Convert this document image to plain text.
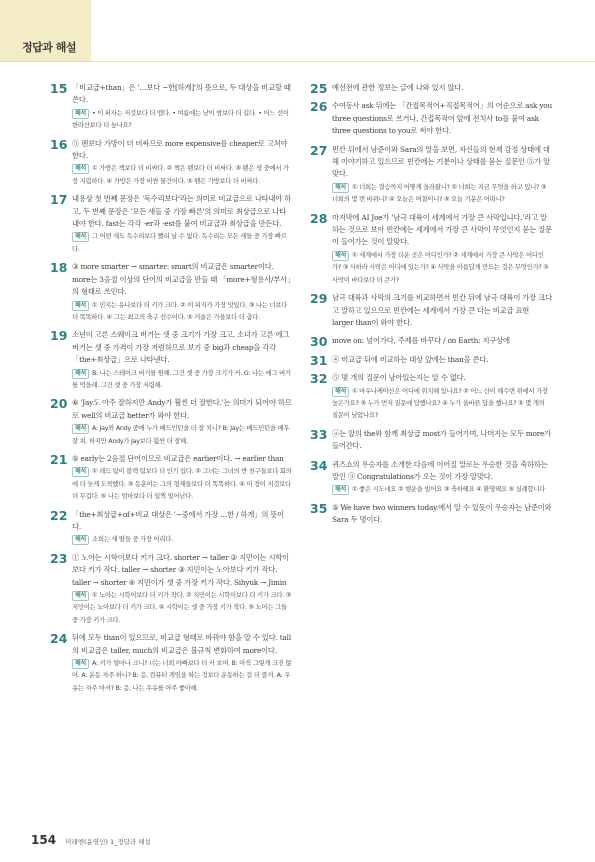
정답과 해설
15 「비교급+than」은 '…보다 ~한[하게]'의 뜻으로, 두 대상을 비교할 때 쓴다.
해석 • 이 퍼자는 저것보다 더 맵다. • 여름에는 낮이 밤보다 더 길다. • 어느 선이 한라산보다 더 높나요?
16 ⑤ 펜보다 가방이 더 비싸므로 more expensive를 cheaper로 고쳐야 한다.
해석 ① 가방은 책보다 더 비싸다. ② 책은 펜보다 더 비싸다. ③ 펜은 셋 중에서 가장 저렴하다. ④ 가방은 가장 비싼 물건이다. ⑤ 펜은 가방보다 더 비싸다.
17 내용상 첫 번째 문장은 '독수리보다'라는 의미로 비교급으로 나타내야 하고, 두 번째 문장은 '모든 새들 중 가장 빠른'의 의미로 최상급으로 나타내야 한다. fast는 각각 -er과 -est를 붙여 비교급과 최상급을 만든다.
해석 그 어떤 새도 독수리보다 빨리 날 수 없다. 독수리는 모든 새들 중 가장 빠르다.
18 ③ more smarter → smarter: smart의 비교급은 smarter이다. more는 3음절 이상의 단어의 비교급을 만들 때 「more+형용사/부사」의 형태로 쓰인다.
해석 ① 민지는 유나보다 더 키가 크다. ② 이 피자가 가장 맛있다. ③ 나는 너보다 더 똑똑하다. ④ 그는 최고의 축구 선수이다. ⑤ 겨울은 가을보다 더 춥다.
19 소년이 고른 스웨이크 버거는 셋 중 크기가 가장 크고, 소녀가 고른 에그 버거는 셋 중 가격이 가장 저렴하므로 보기 중 big과 cheap을 각각 「the+최상급」으로 나타낸다.
해석 B: 나는 스테이크 버거를 원해. 그건 셋 중 가장 크기가 커. G: 나는 에그 버거를 먹을래. 그건 셋 중 가장 저렴해.
20 ⑥ 'Jay도 아주 잘하지만 Andy가 훨씬 더 잘한다.'는 의미가 되어야 하므로 well의 비교급 better가 와야 한다.
해석 A: Jay와 Andy 중에 누가 배드민턴을 더 잘 치니? B: Jay는 배드민턴을 매우 잘 쳐. 하지만 Andy가 Jay보다 훨씬 더 잘해.
21 ⑤ early는 2음절 단어이므로 비교급은 earlier이다. → earlier than
해석 ① 레드 팀이 블랙 팀보다 더 인기 있다. ② 그녀는 그녀의 반 친구들보다 회의에 더 늦게 도착했다. ③ 동훈이는 그의 형제들보다 더 똑똑하다. ④ 이 정이 저것보다 더 무겁다. ⑤ 나는 엄마보다 더 일찍 일어난다.
22 「the+최상급+of+비교 대상은 '~중에서 가장 …한 / 하게」의 뜻이다.
해석 소희는 세 딸들 중 가장 어리다.
23 ① 노아는 시학이보다 키가 크다. shorter → taller ② 지민이는 시학이보다 키가 작다. taller → shorter ③ 지민이는 노아보다 키가 작다. taller → shorter ④ 지민이가 셋 중 가장 키가 작다. Sihyuk → Jimin
해석 ① 노아는 시학이보다 더 키가 작다. ② 지민이는 시학이보다 더 키가 크다. ③ 지민이는 노아보다 더 키가 크다. ④ 시학이는 셋 중 가장 키가 작다. ⑤ 노아는 그들 중 가장 키가 크다.
24 뒤에 모두 than이 있으므로, 비교급 형태로 바꿔야 함을 알 수 있다. tall의 비교급은 taller, much의 비교급은 불규칙 변화하여 more이다.
해석 A: 키가 얼마나 크니? 너는 너희 아빠보다 더 커 보여. B: 아직 그렇게 크진 않아. A: 운동 자주 하니? B: 응, 컴퓨터 게임을 하는 것보다 운동하는 걸 더 즐겨. A: 우유는 자주 마셔? B: 응, 나는 우유를 아주 좋아해.
25 예선전에 관한 정보는 글에 나와 있지 않다.
26 수여동사 ask 뒤에는 「간접목적어+직접목적어」의 어순으로 ask you three questions로 쓰거나, 간접목적어 앞에 전치사 to를 붙여 ask three questions to you로 써야 한다.
27 빈칸 뒤에서 남준이와 Sara의 말을 보면, 자신들의 현재 감정 상태에 대해 이야기하고 있으므로 빈칸에는 기분이나 상태를 묻는 질문인 ⑤가 알맞다.
해석 ① 너희는 결승까지 어떻게 올라왔니? ② 너희는 지금 무엇을 하고 있니? ③ 너희의 몇 번 바뀌니? ④ 오늘은 며칠이니? ⑤ 오늘 기분은 어떠니?
28 마지막에 AI Joe가 '남극 대륙이 세계에서 가장 큰 사막입니다.'라고 말하는 것으로 보아 빈칸에는 세계에서 가장 큰 사막이 무엇인지 묻는 질문이 들어가는 것이 알맞다.
해석 ① 세계에서 가장 더운 곳은 어디인가? ② 세계에서 가장 큰 사막은 어디인가? ③ 사하라 사막은 어디에 있는가? ④ 사막을 아름답게 만드는 것은 무엇인가? ⑤ 사막이 바다보다 더 큰가?
29 남극 대륙과 사막의 크기를 비교하면서 빈칸 뒤에 남극 대륙이 가장 크다고 말하고 있으므로 빈칸에는 세계에서 가장 큰 다는 비교급 표현 larger than이 와야 한다.
30 move on: 넘어가다, 주제를 바꾸다 / on Earth: 지구상에
31 ④ 비교급 뒤에 비교하는 대상 앞에는 than을 쓴다.
32 ⑤ 몇 개의 질문이 남아있는지는 알 수 없다.
해석 ① 마우나케아산은 어디에 위치해 있나요? ② 어느 산이 해수면 위에서 가장 높은가요? ③ 누가 먼저 질문에 답했나요? ④ 누가 올바른 답을 했나요? ⑤ 몇 개의 질문이 남았나요?
33 ⓐ는 앞의 the와 함께 최상급 most가 들어가며, 나머지는 모두 more가 들어간다.
34 퀴즈쇼의 우승자를 소개한 다음에 이어질 말로는 우승한 것을 축하하는 말인 ③ Congratulations가 오는 것이 가장 알맞다.
해석 ① 좋은 시도네요 ② 행운을 빌어요 ③ 축하해요 ④ 환영해요 ⑤ 실례합니다
35 ⑤ We have two winners today.에서 알 수 있듯이 우승자는 남준이와 Sara 두 명이다.
154 미래엔(윤영인) 1_정답과 해설
